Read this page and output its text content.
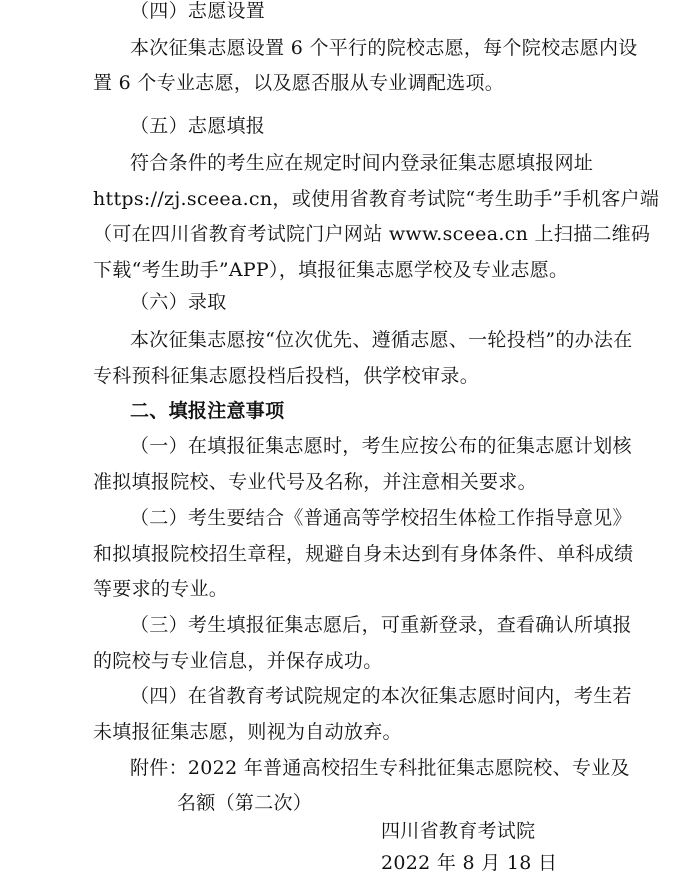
（四）志愿设置
本次征集志愿设置 6 个平行的院校志愿，每个院校志愿内设
置 6 个专业志愿，以及愿否服从专业调配选项。
（五）志愿填报
符合条件的考生应在规定时间内登录征集志愿填报网址
https://zj.sceea.cn，或使用省教育考试院“考生助手”手机客户端
（可在四川省教育考试院门户网站 www.sceea.cn 上扫描二维码
下载“考生助手”APP），填报征集志愿学校及专业志愿。
（六）录取
本次征集志愿按“位次优先、遵循志愿、一轮投档”的办法在
专科预科征集志愿投档后投档，供学校审录。
二、填报注意事项
（一）在填报征集志愿时，考生应按公布的征集志愿计划核
准拟填报院校、专业代号及名称，并注意相关要求。
（二）考生要结合《普通高等学校招生体检工作指导意见》
和拟填报院校招生章程，规避自身未达到有身体条件、单科成绩
等要求的专业。
（三）考生填报征集志愿后，可重新登录，查看确认所填报
的院校与专业信息，并保存成功。
（四）在省教育考试院规定的本次征集志愿时间内，考生若
未填报征集志愿，则视为自动放弃。
附件：2022 年普通高校招生专科批征集志愿院校、专业及
名额（第二次）
四川省教育考试院
2022 年 8 月 18 日
